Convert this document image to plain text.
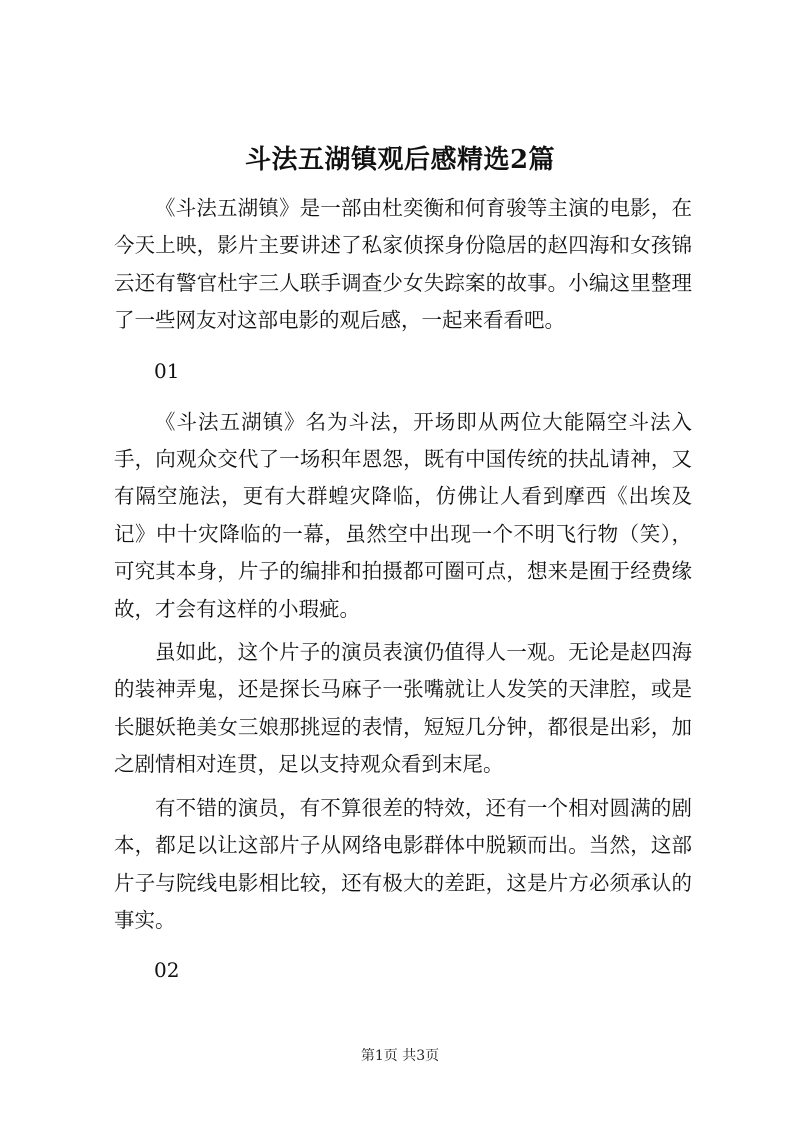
斗法五湖镇观后感精选2篇

《斗法五湖镇》是一部由杜奕衡和何育骏等主演的电影，在今天上映，影片主要讲述了私家侦探身份隐居的赵四海和女孩锦云还有警官杜宇三人联手调查少女失踪案的故事。小编这里整理了一些网友对这部电影的观后感，一起来看看吧。

01

《斗法五湖镇》名为斗法，开场即从两位大能隔空斗法入手，向观众交代了一场积年恩怨，既有中国传统的扶乩请神，又有隔空施法，更有大群蝗灾降临，仿佛让人看到摩西《出埃及记》中十灾降临的一幕，虽然空中出现一个不明飞行物（笑），可究其本身，片子的编排和拍摄都可圈可点，想来是囿于经费缘故，才会有这样的小瑕疵。

虽如此，这个片子的演员表演仍值得人一观。无论是赵四海的装神弄鬼，还是探长马麻子一张嘴就让人发笑的天津腔，或是长腿妖艳美女三娘那挑逗的表情，短短几分钟，都很是出彩，加之剧情相对连贯，足以支持观众看到末尾。

有不错的演员，有不算很差的特效，还有一个相对圆满的剧本，都足以让这部片子从网络电影群体中脱颖而出。当然，这部片子与院线电影相比较，还有极大的差距，这是片方必须承认的事实。

02

第1页 共3页
